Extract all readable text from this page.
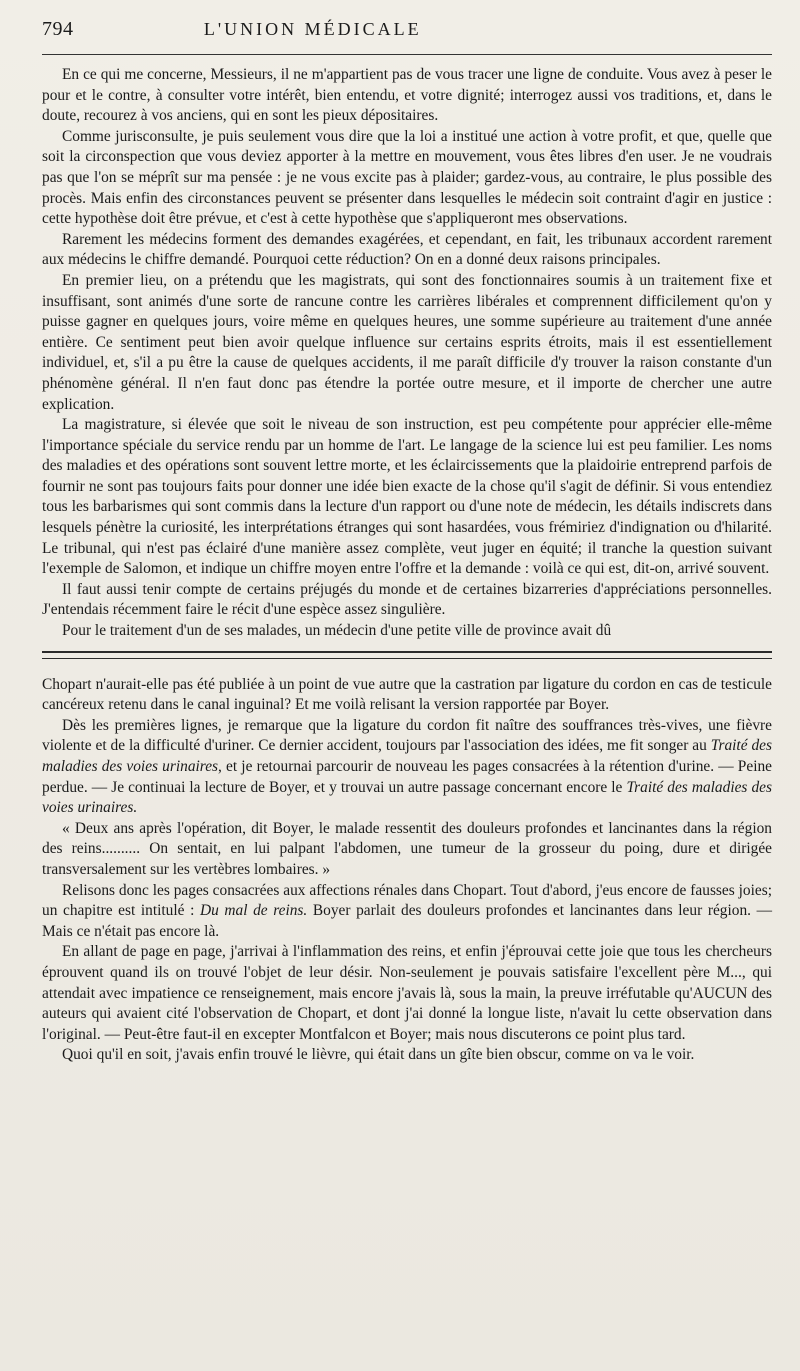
794	L'UNION MÉDICALE

En ce qui me concerne, Messieurs, il ne m'appartient pas de vous tracer une ligne de conduite. Vous avez à peser le pour et le contre, à consulter votre intérêt, bien entendu, et votre dignité; interrogez aussi vos traditions, et, dans le doute, recourez à vos anciens, qui en sont les pieux dépositaires.

Comme jurisconsulte, je puis seulement vous dire que la loi a institué une action à votre profit, et que, quelle que soit la circonspection que vous deviez apporter à la mettre en mouvement, vous êtes libres d'en user. Je ne voudrais pas que l'on se méprît sur ma pensée : je ne vous excite pas à plaider; gardez-vous, au contraire, le plus possible des procès. Mais enfin des circonstances peuvent se présenter dans lesquelles le médecin soit contraint d'agir en justice : cette hypothèse doit être prévue, et c'est à cette hypothèse que s'appliqueront mes observations.

Rarement les médecins forment des demandes exagérées, et cependant, en fait, les tribunaux accordent rarement aux médecins le chiffre demandé. Pourquoi cette réduction? On en a donné deux raisons principales.

En premier lieu, on a prétendu que les magistrats, qui sont des fonctionnaires soumis à un traitement fixe et insuffisant, sont animés d'une sorte de rancune contre les carrières libérales et comprennent difficilement qu'on y puisse gagner en quelques jours, voire même en quelques heures, une somme supérieure au traitement d'une année entière. Ce sentiment peut bien avoir quelque influence sur certains esprits étroits, mais il est essentiellement individuel, et, s'il a pu être la cause de quelques accidents, il me paraît difficile d'y trouver la raison constante d'un phénomène général. Il n'en faut donc pas étendre la portée outre mesure, et il importe de chercher une autre explication.

La magistrature, si élevée que soit le niveau de son instruction, est peu compétente pour apprécier elle-même l'importance spéciale du service rendu par un homme de l'art. Le langage de la science lui est peu familier. Les noms des maladies et des opérations sont souvent lettre morte, et les éclaircissements que la plaidoirie entreprend parfois de fournir ne sont pas toujours faits pour donner une idée bien exacte de la chose qu'il s'agit de définir. Si vous entendiez tous les barbarismes qui sont commis dans la lecture d'un rapport ou d'une note de médecin, les détails indiscrets dans lesquels pénètre la curiosité, les interprétations étranges qui sont hasardées, vous frémiriez d'indignation ou d'hilarité. Le tribunal, qui n'est pas éclairé d'une manière assez complète, veut juger en équité; il tranche la question suivant l'exemple de Salomon, et indique un chiffre moyen entre l'offre et la demande : voilà ce qui est, dit-on, arrivé souvent.

Il faut aussi tenir compte de certains préjugés du monde et de certaines bizarreries d'appréciations personnelles. J'entendais récemment faire le récit d'une espèce assez singulière.

Pour le traitement d'un de ses malades, un médecin d'une petite ville de province avait dû

Chopart n'aurait-elle pas été publiée à un point de vue autre que la castration par ligature du cordon en cas de testicule cancéreux retenu dans le canal inguinal? Et me voilà relisant la version rapportée par Boyer.

Dès les premières lignes, je remarque que la ligature du cordon fit naître des souffrances très-vives, une fièvre violente et de la difficulté d'uriner. Ce dernier accident, toujours par l'association des idées, me fit songer au Traité des maladies des voies urinaires, et je retournai parcourir de nouveau les pages consacrées à la rétention d'urine. — Peine perdue. — Je continuai la lecture de Boyer, et y trouvai un autre passage concernant encore le Traité des maladies des voies urinaires.

« Deux ans après l'opération, dit Boyer, le malade ressentit des douleurs profondes et lancinantes dans la région des reins.......... On sentait, en lui palpant l'abdomen, une tumeur de la grosseur du poing, dure et dirigée transversalement sur les vertèbres lombaires. »

Relisons donc les pages consacrées aux affections rénales dans Chopart. Tout d'abord, j'eus encore de fausses joies; un chapitre est intitulé : Du mal de reins. Boyer parlait des douleurs profondes et lancinantes dans leur région. — Mais ce n'était pas encore là.

En allant de page en page, j'arrivai à l'inflammation des reins, et enfin j'éprouvai cette joie que tous les chercheurs éprouvent quand ils on trouvé l'objet de leur désir. Non-seulement je pouvais satisfaire l'excellent père M..., qui attendait avec impatience ce renseignement, mais encore j'avais là, sous la main, la preuve irréfutable qu'AUCUN des auteurs qui avaient cité l'observation de Chopart, et dont j'ai donné la longue liste, n'avait lu cette observation dans l'original. — Peut-être faut-il en excepter Montfalcon et Boyer; mais nous discuterons ce point plus tard.

Quoi qu'il en soit, j'avais enfin trouvé le lièvre, qui était dans un gîte bien obscur, comme on va le voir.
